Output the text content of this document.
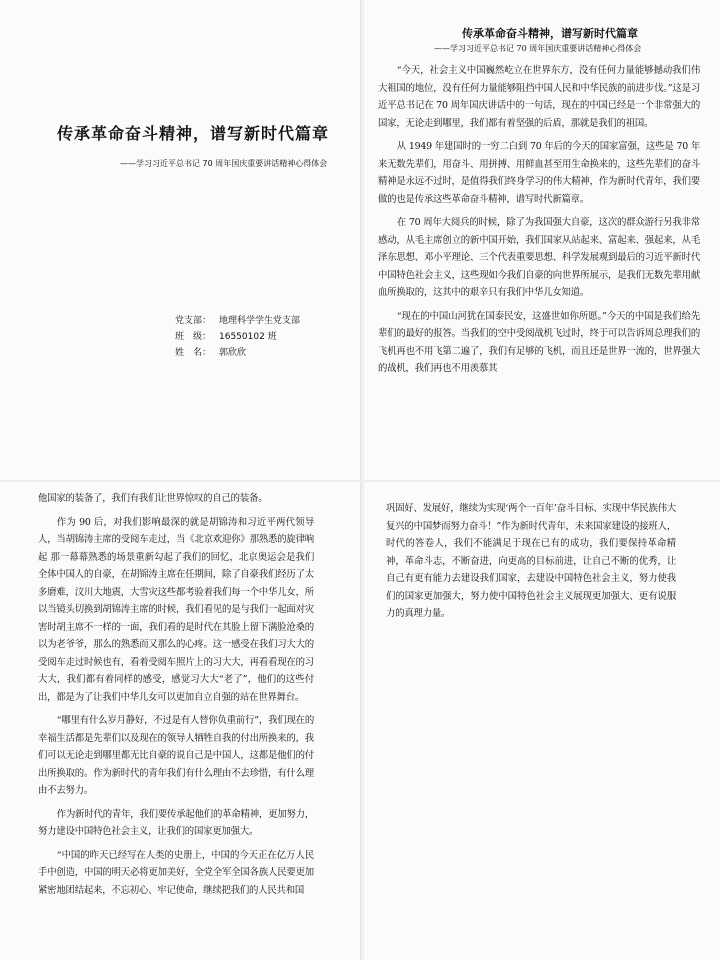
传承革命奋斗精神，谱写新时代篇章
——学习习近平总书记 70 周年国庆重要讲话精神心得体会
党支部： 地理科学学生党支部
班　级： 16550102 班
姓　名： 郭欣欣
传承革命奋斗精神，谱写新时代篇章
——学习习近平总书记 70 周年国庆重要讲话精神心得体会

“今天，社会主义中国巍然屹立在世界东方，没有任何力量能够撼动我们伟大祖国的地位，没有任何力量能够阻挡中国人民和中华民族的前进步伐。”这是习近平总书记在 70 周年国庆讲话中的一句话，现在的中国已经是一个非常强大的国家，无论走到哪里，我们都有着坚强的后盾，那就是我们的祖国。

从 1949 年建国时的一穷二白到 70 年后的今天的国家富强，这些是 70 年来无数先辈们，用奋斗、用拼搏、用鲜血甚至用生命换来的，这些先辈们的奋斗精神是永远不过时，是值得我们终身学习的伟大精神，作为新时代青年，我们要做的也是传承这些革命奋斗精神，谱写时代新篇章。

在 70 周年大阅兵的时候，除了为我国强大自豪，这次的群众游行另我非常感动，从毛主席创立的新中国开始，我们国家从站起来、富起来、强起来，从毛泽东思想、邓小平理论、三个代表重要思想、科学发展观到最后的习近平新时代中国特色社会主义，这些现如今我们自豪的向世界所展示，是我们无数先辈用献血所换取的，这其中的艰辛只有我们中华儿女知道。

“现在的中国山河犹在国泰民安，这盛世如你所愿。”今天的中国是我们给先辈们的最好的报答。当我们的空中受阅战机飞过时，终于可以告诉周总理我们的飞机再也不用飞第二遍了，我们有足够的飞机，而且还是世界一流的，世界强大的战机，我们再也不用羡慕其

他国家的装备了，我们有我们让世界惊叹的自己的装备。

作为 90 后，对我们影响最深的就是胡锦涛和习近平两代领导人，当胡锦涛主席的受阅车走过，当《北京欢迎你》那熟悉的旋律响起 那一幕幕熟悉的场景重新勾起了我们的回忆，北京奥运会是我们全体中国人的自豪，在胡锦涛主席在任期间，除了自豪我们经历了太多磨难，汶川大地震，大雪灾这些都考验着我们每一个中华儿女，所以当镜头切换到胡锦涛主席的时候，我们看见的是与我们一起面对灾害时胡主席不一样的一面，我们看的是时代在其脸上留下满脸沧桑的以为老爷爷，那么的熟悉而又那么的心疼。这一感受在我们习大大的受阅车走过时候也有，看着受阅车照片上的习大大，再看看现在的习大大，我们都有着同样的感受，感觉习大大“老了”，他们的这些付出，都是为了让我们中华儿女可以更加自立自强的站在世界舞台。

“哪里有什么岁月静好，不过是有人替你负重前行”，我们现在的幸福生活都是先辈们以及现在的领导人牺牲自我的付出所换来的，我们可以无论走到哪里都无比自豪的说自己是中国人，这都是他们的付出所换取的。作为新时代的青年我们有什么理由不去珍惜，有什么理由不去努力。

作为新时代的青年，我们要传承起他们的革命精神，更加努力，努力建设中国特色社会主义，让我们的国家更加强大。

“中国的昨天已经写在人类的史册上，中国的今天正在亿万人民手中创造，中国的明天必将更加美好，全党全军全国各族人民要更加紧密地团结起来，不忘初心、牢记使命，继续把我们的人民共和国

巩固好、发展好，继续为实现‘两个一百年’奋斗目标、实现中华民族伟大复兴的中国梦而努力奋斗！”作为新时代青年，未来国家建设的接班人，时代的答卷人，我们不能满足于现在已有的成功，我们要保持革命精神，革命斗志，不断奋进，向更高的目标前进，让自己不断的优秀，让自己有更有能力去建设我们国家，去建设中国特色社会主义，努力使我们的国家更加强大，努力使中国特色社会主义展现更加强大、更有说服力的真理力量。
